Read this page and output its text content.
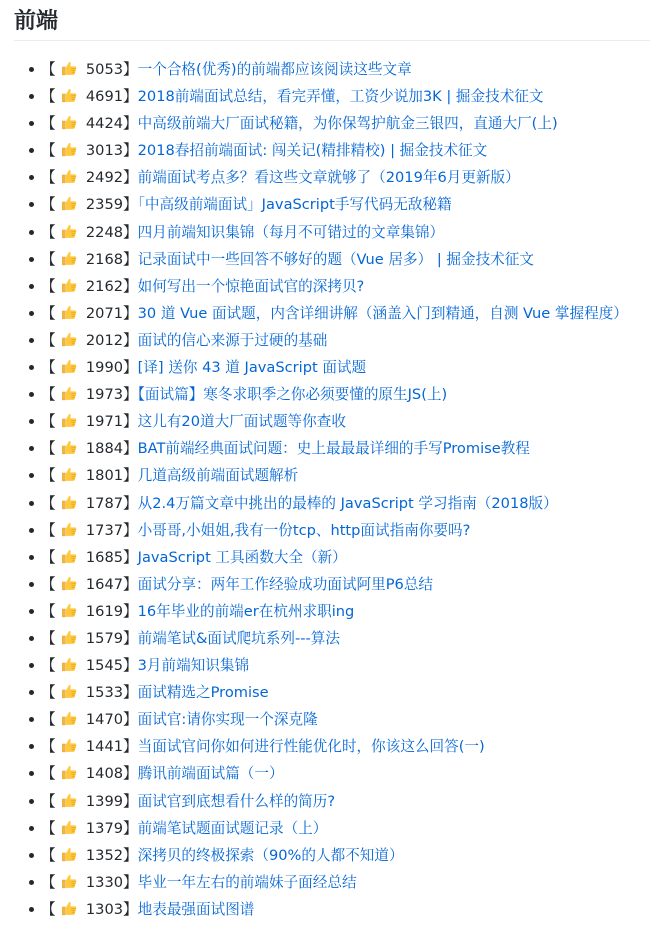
前端
【 5053】一个合格(优秀)的前端都应该阅读这些文章
【 4691】2018前端面试总结，看完弄懂，工资少说加3K | 掘金技术征文
【 4424】中高级前端大厂面试秘籍，为你保驾护航金三银四，直通大厂(上)
【 3013】2018春招前端面试: 闯关记(精排精校) | 掘金技术征文
【 2492】前端面试考点多？看这些文章就够了（2019年6月更新版）
【 2359】「中高级前端面试」JavaScript手写代码无敌秘籍
【 2248】四月前端知识集锦（每月不可错过的文章集锦）
【 2168】记录面试中一些回答不够好的题（Vue 居多） | 掘金技术征文
【 2162】如何写出一个惊艳面试官的深拷贝?
【 2071】30 道 Vue 面试题，内含详细讲解（涵盖入门到精通，自测 Vue 掌握程度）
【 2012】面试的信心来源于过硬的基础
【 1990】[译] 送你 43 道 JavaScript 面试题
【 1973】【面试篇】寒冬求职季之你必须要懂的原生JS(上)
【 1971】这儿有20道大厂面试题等你查收
【 1884】BAT前端经典面试问题：史上最最最详细的手写Promise教程
【 1801】几道高级前端面试题解析
【 1787】从2.4万篇文章中挑出的最棒的 JavaScript 学习指南（2018版）
【 1737】小哥哥,小姐姐,我有一份tcp、http面试指南你要吗?
【 1685】JavaScript 工具函数大全（新）
【 1647】面试分享：两年工作经验成功面试阿里P6总结
【 1619】16年毕业的前端er在杭州求职ing
【 1579】前端笔试&面试爬坑系列---算法
【 1545】3月前端知识集锦
【 1533】面试精选之Promise
【 1470】面试官:请你实现一个深克隆
【 1441】当面试官问你如何进行性能优化时，你该这么回答(一)
【 1408】腾讯前端面试篇（一）
【 1399】面试官到底想看什么样的简历?
【 1379】前端笔试题面试题记录（上）
【 1352】深拷贝的终极探索（90%的人都不知道）
【 1330】毕业一年左右的前端妹子面经总结
【 1303】地表最强面试图谱
